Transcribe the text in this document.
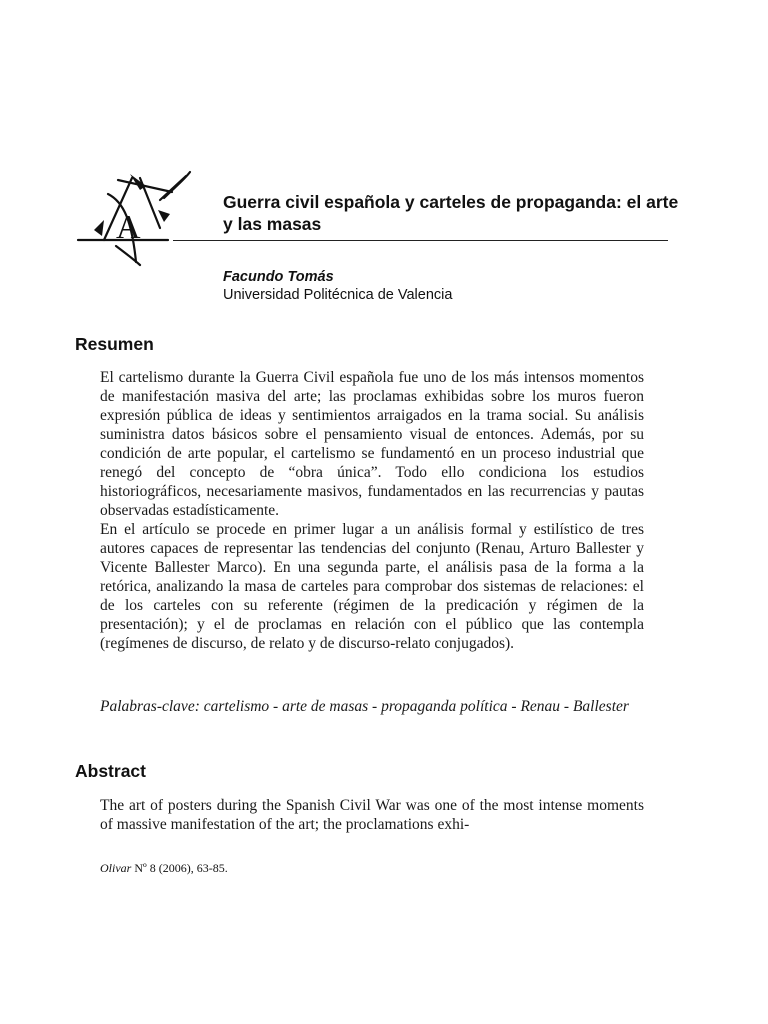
A
Guerra civil española y carteles de propaganda: el arte y las masas
Facundo Tomás
Universidad Politécnica de Valencia
Resumen

El cartelismo durante la Guerra Civil española fue uno de los más intensos momentos de manifestación masiva del arte; las proclamas exhibidas sobre los muros fueron expresión pública de ideas y sentimientos arraigados en la trama social. Su análisis suministra datos básicos sobre el pensamiento visual de entonces. Además, por su condición de arte popular, el cartelismo se fundamentó en un proceso industrial que renegó del concepto de “obra única”. Todo ello condiciona los estudios historiográficos, necesariamente masivos, fundamentados en las recurrencias y pautas observadas estadísticamente.

En el artículo se procede en primer lugar a un análisis formal y estilístico de tres autores capaces de representar las tendencias del conjunto (Renau, Arturo Ballester y Vicente Ballester Marco). En una segunda parte, el análisis pasa de la forma a la retórica, analizando la masa de carteles para comprobar dos sistemas de relaciones: el de los carteles con su referente (régimen de la predicación y régimen de la presentación); y el de proclamas en relación con el público que las contempla (regímenes de discurso, de relato y de discurso-relato conjugados).

Palabras-clave: cartelismo - arte de masas - propaganda política - Renau - Ballester
Abstract

The art of posters during the Spanish Civil War was one of the most intense moments of massive manifestation of the art; the proclamations exhi-

Olivar Nº 8 (2006), 63-85.
